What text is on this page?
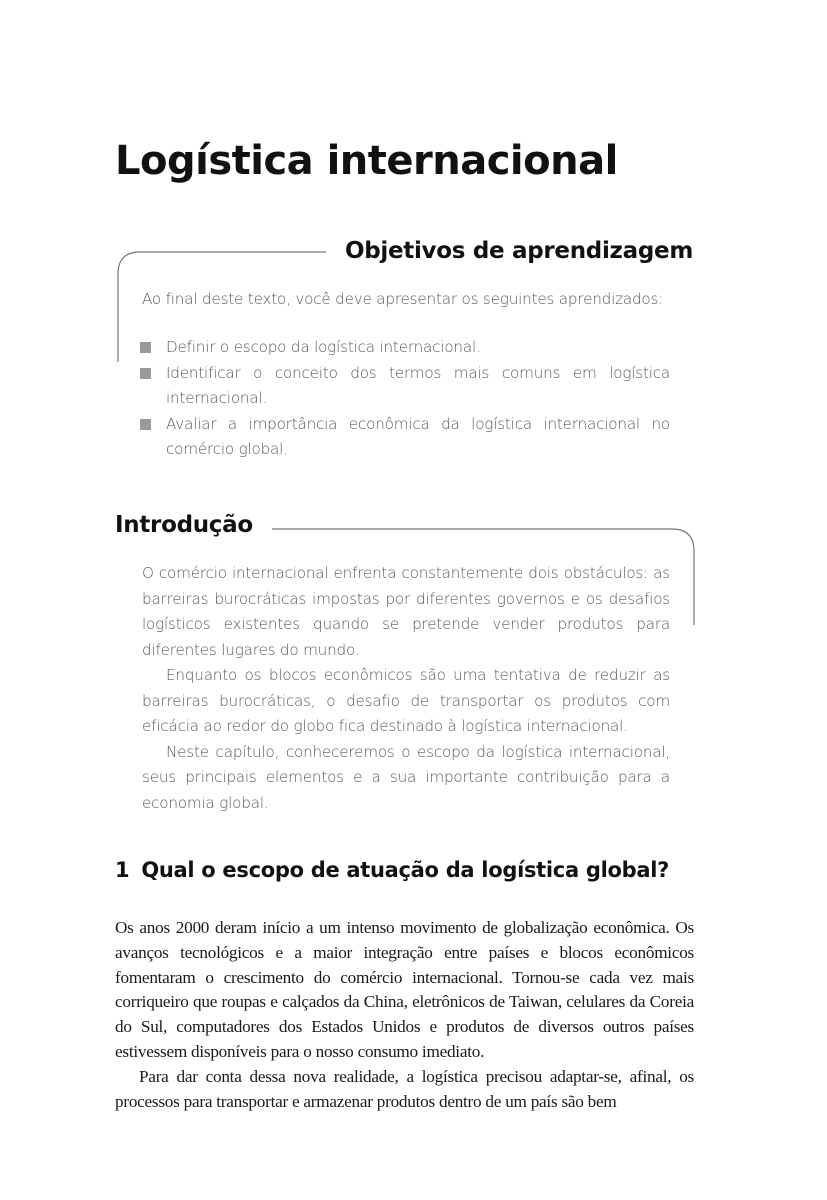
Logística internacional
Objetivos de aprendizagem

Ao final deste texto, você deve apresentar os seguintes aprendizados:

Definir o escopo da logística internacional.
Identificar o conceito dos termos mais comuns em logística internacional.
Avaliar a importância econômica da logística internacional no comércio global.
Introdução

O comércio internacional enfrenta constantemente dois obstáculos: as barreiras burocráticas impostas por diferentes governos e os desafios logísticos existentes quando se pretende vender produtos para diferentes lugares do mundo.

Enquanto os blocos econômicos são uma tentativa de reduzir as barreiras burocráticas, o desafio de transportar os produtos com eficácia ao redor do globo fica destinado à logística internacional.

Neste capítulo, conheceremos o escopo da logística internacional, seus principais elementos e a sua importante contribuição para a economia global.

1 Qual o escopo de atuação da logística global?

Os anos 2000 deram início a um intenso movimento de globalização econômica. Os avanços tecnológicos e a maior integração entre países e blocos econômicos fomentaram o crescimento do comércio internacional. Tornou-se cada vez mais corriqueiro que roupas e calçados da China, eletrônicos de Taiwan, celulares da Coreia do Sul, computadores dos Estados Unidos e produtos de diversos outros países estivessem disponíveis para o nosso consumo imediato.

Para dar conta dessa nova realidade, a logística precisou adaptar-se, afinal, os processos para transportar e armazenar produtos dentro de um país são bem
